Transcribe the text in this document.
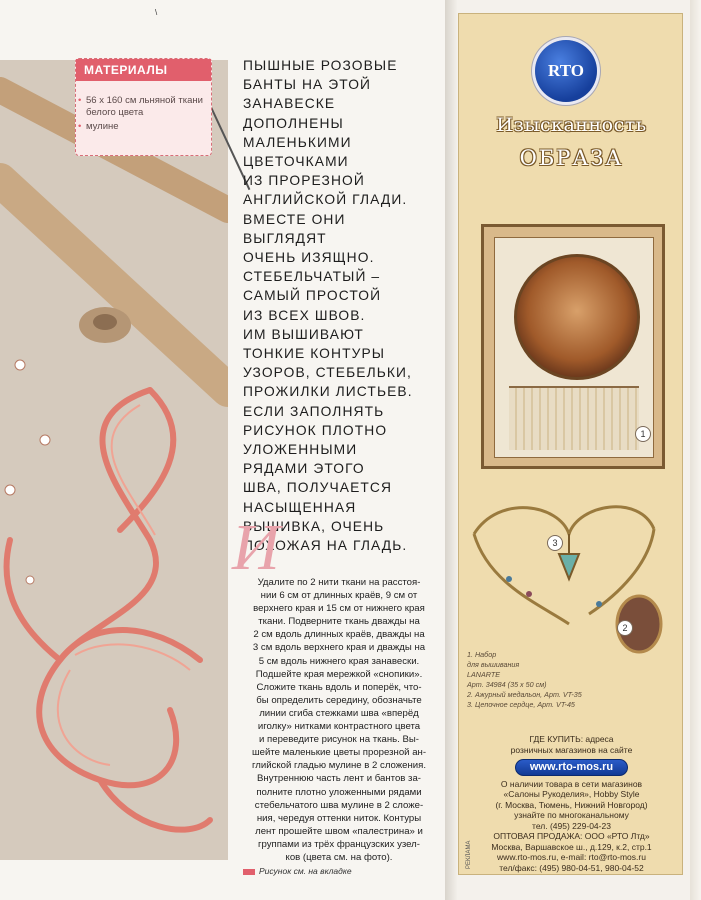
\
МАТЕРИАЛЫ
• 56 х 160 см льняной ткани белого цвета
• мулине

ПЫШНЫЕ РОЗОВЫЕ

БАНТЫ НА ЭТОЙ

ЗАНАВЕСКЕ

ДОПОЛНЕНЫ

МАЛЕНЬКИМИ

ЦВЕТОЧКАМИ

ИЗ ПРОРЕЗНОЙ

АНГЛИЙСКОЙ ГЛАДИ.

ВМЕСТЕ ОНИ ВЫГЛЯДЯТ

ОЧЕНЬ ИЗЯЩНО.

СТЕБЕЛЬЧАТЫЙ –

САМЫЙ ПРОСТОЙ

ИЗ ВСЕХ ШВОВ.

ИМ ВЫШИВАЮТ

ТОНКИЕ КОНТУРЫ

УЗОРОВ, СТЕБЕЛЬКИ,

ПРОЖИЛКИ ЛИСТЬЕВ.

ЕСЛИ ЗАПОЛНЯТЬ

РИСУНОК ПЛОТНО

УЛОЖЕННЫМИ

РЯДАМИ ЭТОГО

ШВА, ПОЛУЧАЕТСЯ

НАСЫЩЕННАЯ

ВЫШИВКА, ОЧЕНЬ

ПОХОЖАЯ НА ГЛАДЬ.

И

Удалите по 2 нити ткани на расстоя-

нии 6 см от длинных краёв, 9 см от

верхнего края и 15 см от нижнего края

ткани. Подверните ткань дважды на

2 см вдоль длинных краёв, дважды на

3 см вдоль верхнего края и дважды на

5 см вдоль нижнего края занавески.

Подшейте края мережкой «снопики».

Сложите ткань вдоль и поперёк, что-

бы определить середину, обозначьте

линии сгиба стежками шва «вперёд

иголку» нитками контрастного цвета

и переведите рисунок на ткань. Вы-

шейте маленькие цветы прорезной ан-

глийской гладью мулине в 2 сложения.

Внутреннюю часть лент и бантов за-

полните плотно уложенными рядами

стебельчатого шва мулине в 2 сложе-

ния, чередуя оттенки ниток. Контуры

лент прошейте швом «палестрина» и

группами из трёх французских узел-

ков (цвета см. на фото).

Рисунок см. на вкладке
RTO
Изысканность
ОБРАЗА
1
3
2

1. Набор

для вышивания

LANARTE

Арт. 34984 (35 х 50 см)

2. Ажурный медальон, Арт. VT-35

3. Цепочное сердце, Арт. VT-45

ГДЕ КУПИТЬ: адреса

розничных магазинов на сайте

www.rto-mos.ru

О наличии товара в сети магазинов

«Салоны Рукоделия», Hobby Style

(г. Москва, Тюмень, Нижний Новгород)

узнайте по многоканальному

тел. (495) 229-04-23

ОПТОВАЯ ПРОДАЖА: ООО «РТО Лтд»

Москва, Варшавское ш., д.129, к.2, стр.1

www.rto-mos.ru, e-mail: rto@rto-mos.ru

тел/факс: (495) 980-04-51, 980-04-52

РЕКЛАМА
